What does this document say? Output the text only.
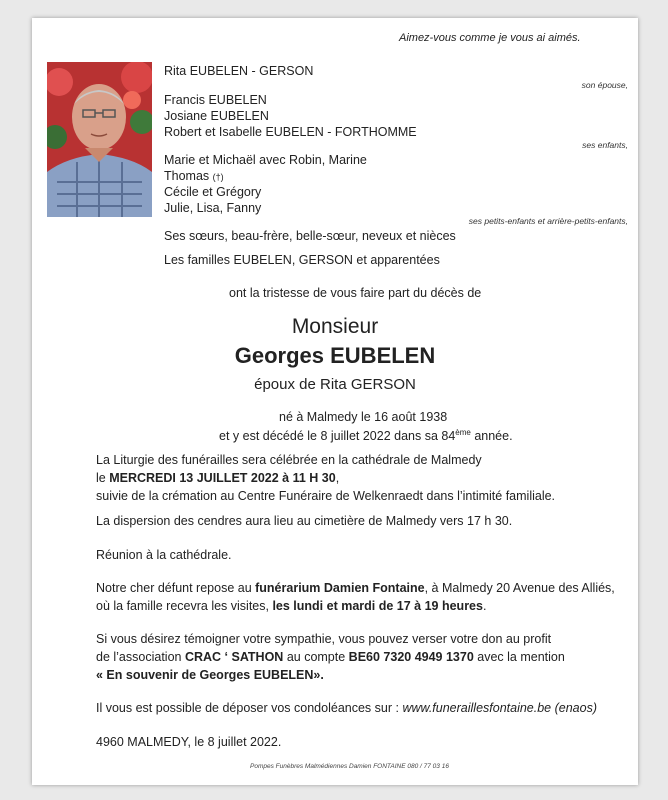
Aimez-vous comme je vous ai aimés.
Rita EUBELEN - GERSON
son épouse,
Francis EUBELEN
Josiane EUBELEN
Robert et Isabelle EUBELEN - FORTHOMME
ses enfants,
Marie et Michaël avec Robin, Marine
Thomas (†)
Cécile et Grégory
Julie, Lisa, Fanny
ses petits-enfants et arrière-petits-enfants,
Ses sœurs, beau-frère, belle-sœur, neveux et nièces
Les familles EUBELEN, GERSON et apparentées
ont la tristesse de vous faire part du décès de
Monsieur
Georges EUBELEN
époux de Rita GERSON
né à Malmedy le 16 août 1938
et y est décédé le 8 juillet 2022 dans sa 84ème année.
La Liturgie des funérailles sera célébrée en la cathédrale de Malmedy
le MERCREDI 13 JUILLET 2022 à 11 H 30,
suivie de la crémation au Centre Funéraire de Welkenraedt dans l’intimité familiale.
La dispersion des cendres aura lieu au cimetière de Malmedy vers 17 h 30.
Réunion à la cathédrale.
Notre cher défunt repose au funérarium Damien Fontaine, à Malmedy 20 Avenue des Alliés,
où la famille recevra les visites, les lundi et mardi de 17 à 19 heures.
Si vous désirez témoigner votre sympathie, vous pouvez verser votre don au profit
de l’association CRAC ‘ SATHON au compte BE60 7320 4949 1370 avec la mention
« En souvenir de Georges EUBELEN».
Il vous est possible de déposer vos condoléances sur : www.funeraillesfontaine.be (enaos)
4960 MALMEDY, le 8 juillet 2022.
Pompes Funèbres Malmédiennes Damien FONTAINE 080 / 77 03 16
